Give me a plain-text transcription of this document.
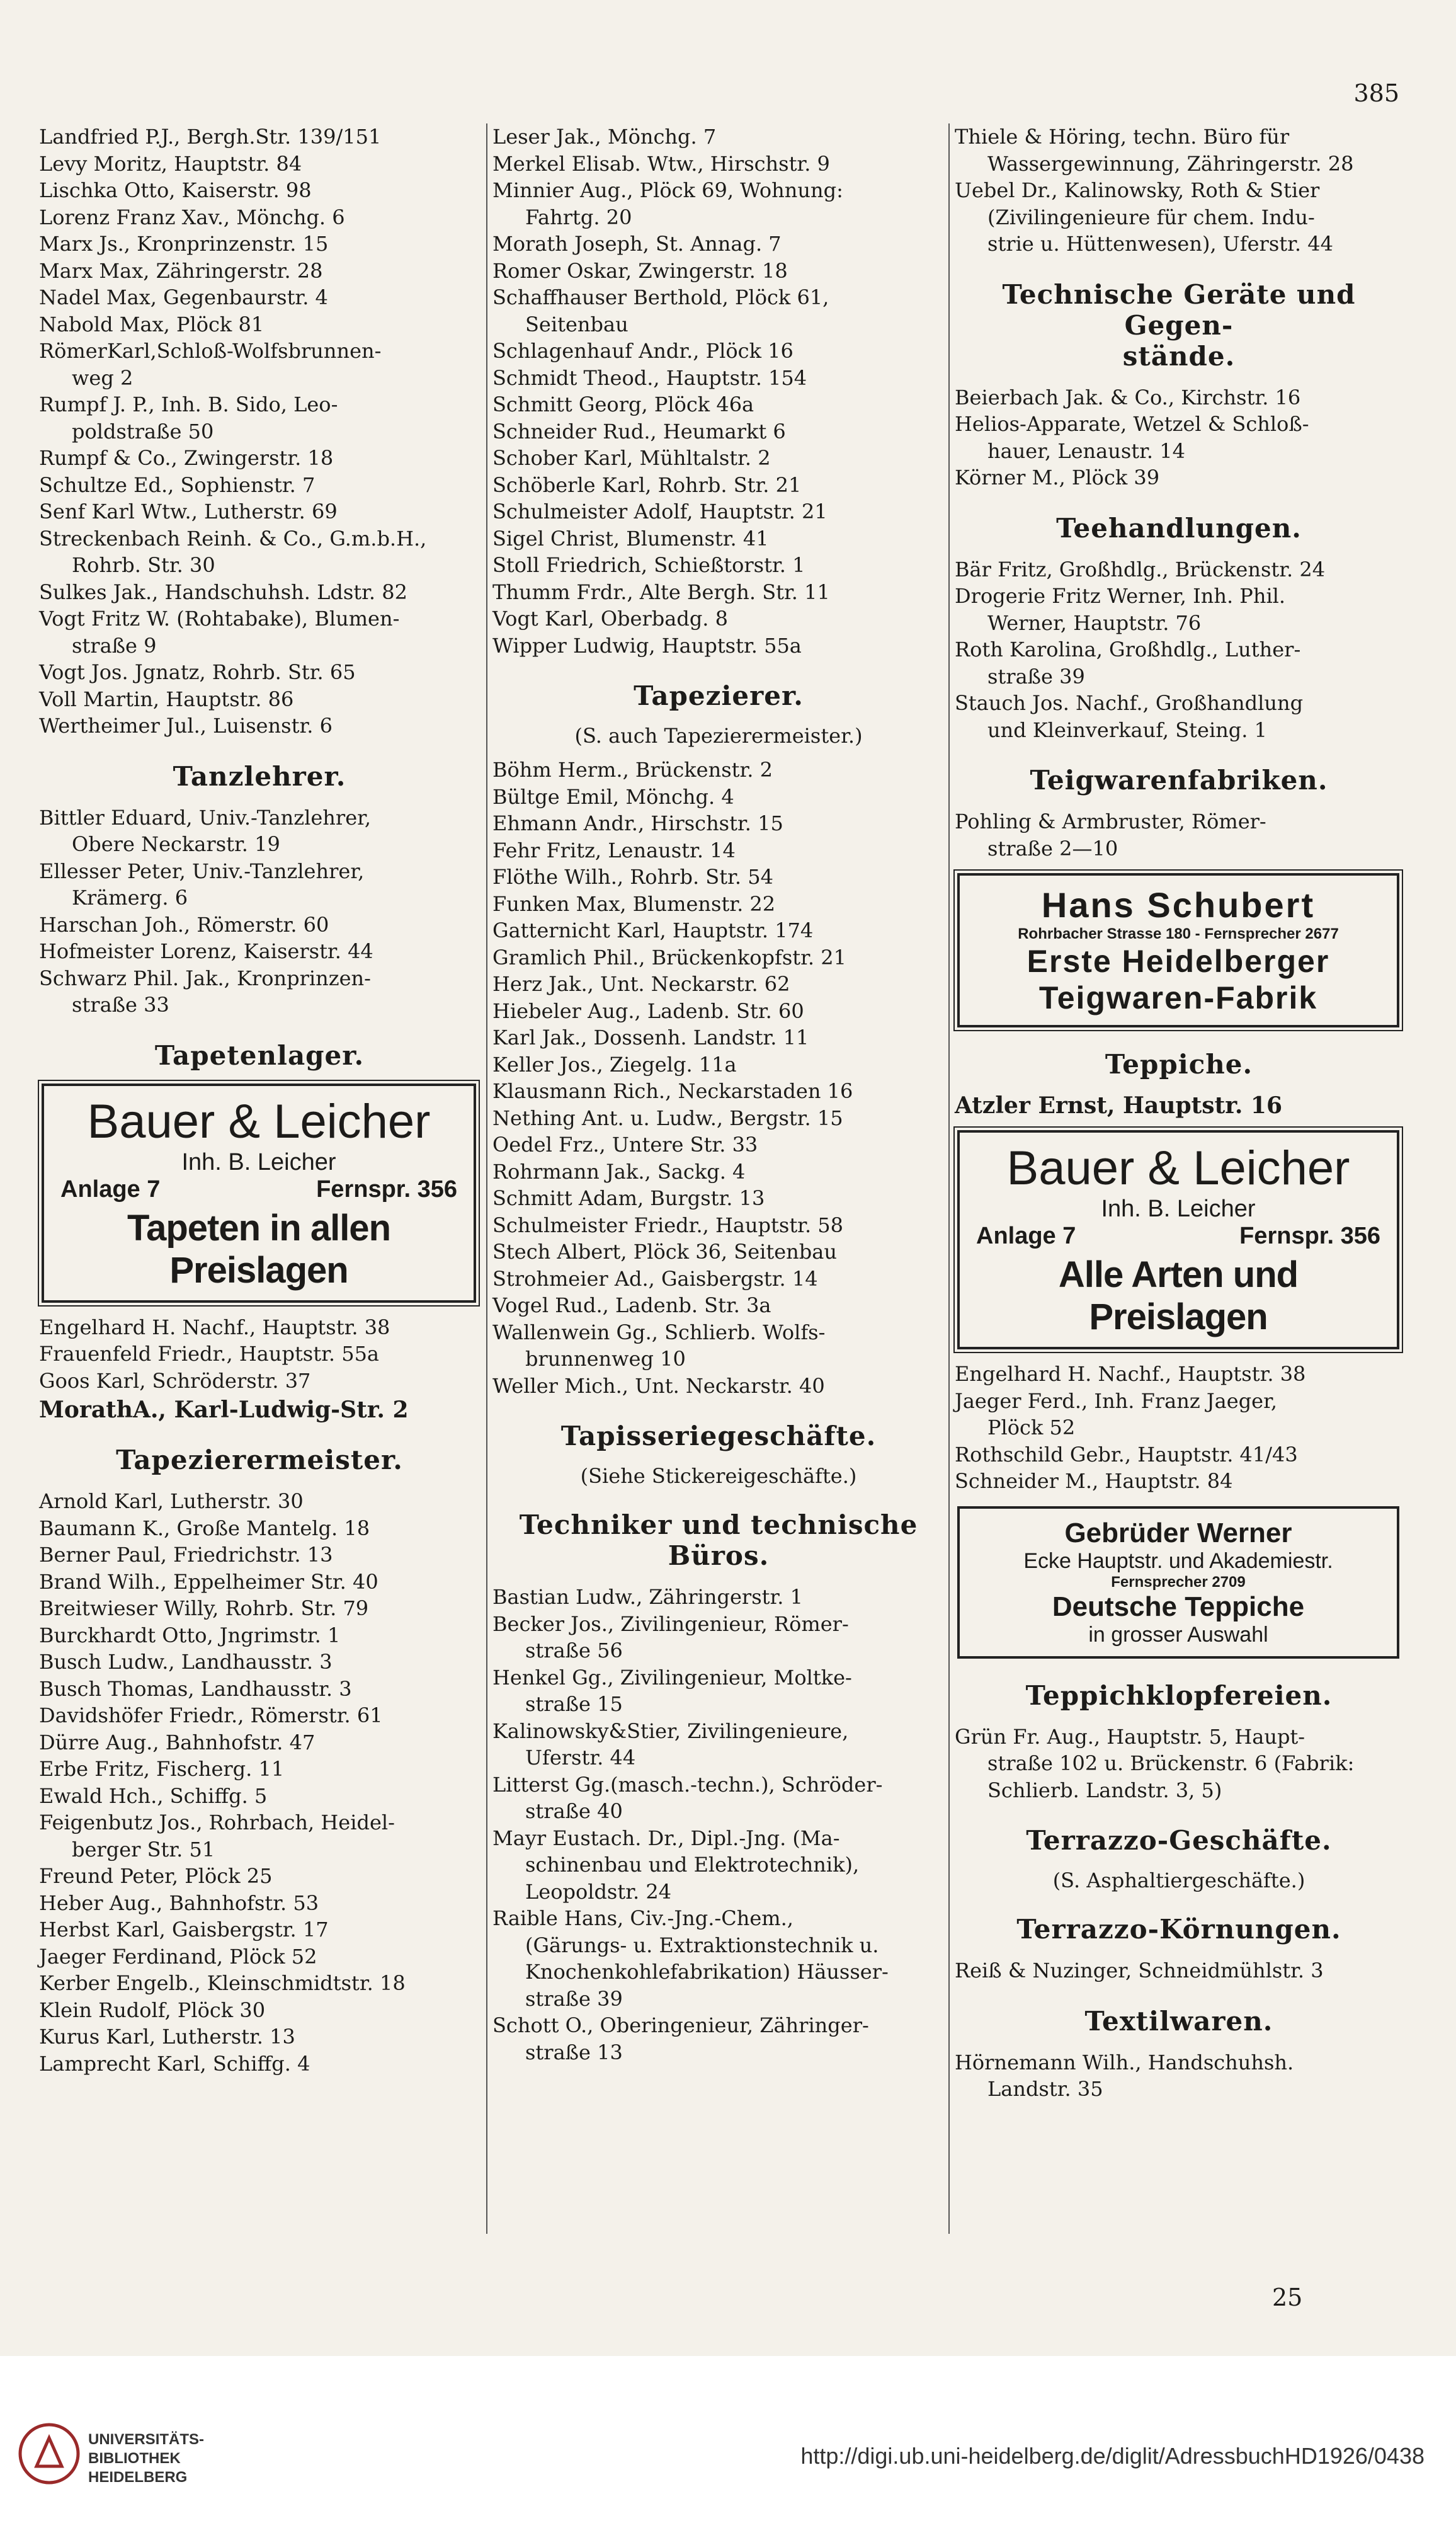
385

Landfried P.J., Bergh.Str. 139/151

Levy Moritz, Hauptstr. 84

Lischka Otto, Kaiserstr. 98

Lorenz Franz Xav., Mönchg. 6

Marx Js., Kronprinzenstr. 15

Marx Max, Zähringerstr. 28

Nadel Max, Gegenbaurstr. 4

Nabold Max, Plöck 81

RömerKarl,Schloß-Wolfsbrunnen-
weg 2

Rumpf J. P., Inh. B. Sido, Leo-
poldstraße 50

Rumpf & Co., Zwingerstr. 18

Schultze Ed., Sophienstr. 7

Senf Karl Wtw., Lutherstr. 69

Streckenbach Reinh. & Co., G.m.b.H.,
Rohrb. Str. 30

Sulkes Jak., Handschuhsh. Ldstr. 82

Vogt Fritz W. (Rohtabake), Blumen-
straße 9

Vogt Jos. Jgnatz, Rohrb. Str. 65

Voll Martin, Hauptstr. 86

Wertheimer Jul., Luisenstr. 6

Tanzlehrer.

Bittler Eduard, Univ.-Tanzlehrer,
Obere Neckarstr. 19

Ellesser Peter, Univ.-Tanzlehrer,
Krämerg. 6

Harschan Joh., Römerstr. 60

Hofmeister Lorenz, Kaiserstr. 44

Schwarz Phil. Jak., Kronprinzen-
straße 33

Tapetenlager.
Bauer & Leicher
Inh. B. Leicher
Anlage 7	Fernspr. 356
Tapeten in allen Preislagen

Engelhard H. Nachf., Hauptstr. 38

Frauenfeld Friedr., Hauptstr. 55a

Goos Karl, Schröderstr. 37

MorathA., Karl-Ludwig-Str. 2
Tapezierermeister.

Arnold Karl, Lutherstr. 30

Baumann K., Große Mantelg. 18

Berner Paul, Friedrichstr. 13

Brand Wilh., Eppelheimer Str. 40

Breitwieser Willy, Rohrb. Str. 79

Burckhardt Otto, Jngrimstr. 1

Busch Ludw., Landhausstr. 3

Busch Thomas, Landhausstr. 3

Davidshöfer Friedr., Römerstr. 61

Dürre Aug., Bahnhofstr. 47

Erbe Fritz, Fischerg. 11

Ewald Hch., Schiffg. 5

Feigenbutz Jos., Rohrbach, Heidel-
berger Str. 51

Freund Peter, Plöck 25

Heber Aug., Bahnhofstr. 53

Herbst Karl, Gaisbergstr. 17

Jaeger Ferdinand, Plöck 52

Kerber Engelb., Kleinschmidtstr. 18

Klein Rudolf, Plöck 30

Kurus Karl, Lutherstr. 13

Lamprecht Karl, Schiffg. 4

Leser Jak., Mönchg. 7

Merkel Elisab. Wtw., Hirschstr. 9

Minnier Aug., Plöck 69, Wohnung:
Fahrtg. 20

Morath Joseph, St. Annag. 7

Romer Oskar, Zwingerstr. 18

Schaffhauser Berthold, Plöck 61,
Seitenbau

Schlagenhauf Andr., Plöck 16

Schmidt Theod., Hauptstr. 154

Schmitt Georg, Plöck 46a

Schneider Rud., Heumarkt 6

Schober Karl, Mühltalstr. 2

Schöberle Karl, Rohrb. Str. 21

Schulmeister Adolf, Hauptstr. 21

Sigel Christ, Blumenstr. 41

Stoll Friedrich, Schießtorstr. 1

Thumm Frdr., Alte Bergh. Str. 11

Vogt Karl, Oberbadg. 8

Wipper Ludwig, Hauptstr. 55a

Tapezierer.
(S. auch Tapezierermeister.)

Böhm Herm., Brückenstr. 2

Bültge Emil, Mönchg. 4

Ehmann Andr., Hirschstr. 15

Fehr Fritz, Lenaustr. 14

Flöthe Wilh., Rohrb. Str. 54

Funken Max, Blumenstr. 22

Gatternicht Karl, Hauptstr. 174

Gramlich Phil., Brückenkopfstr. 21

Herz Jak., Unt. Neckarstr. 62

Hiebeler Aug., Ladenb. Str. 60

Karl Jak., Dossenh. Landstr. 11

Keller Jos., Ziegelg. 11a

Klausmann Rich., Neckarstaden 16

Nething Ant. u. Ludw., Bergstr. 15

Oedel Frz., Untere Str. 33

Rohrmann Jak., Sackg. 4

Schmitt Adam, Burgstr. 13

Schulmeister Friedr., Hauptstr. 58

Stech Albert, Plöck 36, Seitenbau

Strohmeier Ad., Gaisbergstr. 14

Vogel Rud., Ladenb. Str. 3a

Wallenwein Gg., Schlierb. Wolfs-
brunnenweg 10

Weller Mich., Unt. Neckarstr. 40

Tapisseriegeschäfte.
(Siehe Stickereigeschäfte.)
Techniker und technische Büros.

Bastian Ludw., Zähringerstr. 1

Becker Jos., Zivilingenieur, Römer-
straße 56

Henkel Gg., Zivilingenieur, Moltke-
straße 15

Kalinowsky&Stier, Zivilingenieure,
Uferstr. 44

Litterst Gg.(masch.-techn.), Schröder-
straße 40

Mayr Eustach. Dr., Dipl.-Jng. (Ma-
schinenbau und Elektrotechnik),
Leopoldstr. 24

Raible Hans, Civ.-Jng.-Chem.,
(Gärungs- u. Extraktionstechnik u.
Knochenkohlefabrikation) Häusser-
straße 39

Schott O., Oberingenieur, Zähringer-
straße 13

Thiele & Höring, techn. Büro für
Wassergewinnung, Zähringerstr. 28

Uebel Dr., Kalinowsky, Roth & Stier
(Zivilingenieure für chem. Indu-
strie u. Hüttenwesen), Uferstr. 44

Technische Geräte und Gegen-
stände.

Beierbach Jak. & Co., Kirchstr. 16

Helios-Apparate, Wetzel & Schloß-
hauer, Lenaustr. 14

Körner M., Plöck 39

Teehandlungen.

Bär Fritz, Großhdlg., Brückenstr. 24

Drogerie Fritz Werner, Inh. Phil.
Werner, Hauptstr. 76

Roth Karolina, Großhdlg., Luther-
straße 39

Stauch Jos. Nachf., Großhandlung
und Kleinverkauf, Steing. 1

Teigwarenfabriken.

Pohling & Armbruster, Römer-
straße 2—10

Hans Schubert
Rohrbacher Strasse 180 - Fernsprecher 2677
Erste Heidelberger
Teigwaren-Fabrik
Teppiche.
Atzler Ernst, Hauptstr. 16
Bauer & Leicher
Inh. B. Leicher
Anlage 7	Fernspr. 356
Alle Arten und Preislagen

Engelhard H. Nachf., Hauptstr. 38

Jaeger Ferd., Inh. Franz Jaeger,
Plöck 52

Rothschild Gebr., Hauptstr. 41/43

Schneider M., Hauptstr. 84

Gebrüder Werner
Ecke Hauptstr. und Akademiestr.
Fernsprecher 2709
Deutsche Teppiche
in grosser Auswahl
Teppichklopfereien.

Grün Fr. Aug., Hauptstr. 5, Haupt-
straße 102 u. Brückenstr. 6 (Fabrik:
Schlierb. Landstr. 3, 5)

Terrazzo-Geschäfte.
(S. Asphaltiergeschäfte.)
Terrazzo-Körnungen.

Reiß & Nuzinger, Schneidmühlstr. 3

Textilwaren.

Hörnemann Wilh., Handschuhsh.
Landstr. 35

25
UNIVERSITÄTS-
BIBLIOTHEK
HEIDELBERG
http://digi.ub.uni-heidelberg.de/diglit/AdressbuchHD1926/0438
